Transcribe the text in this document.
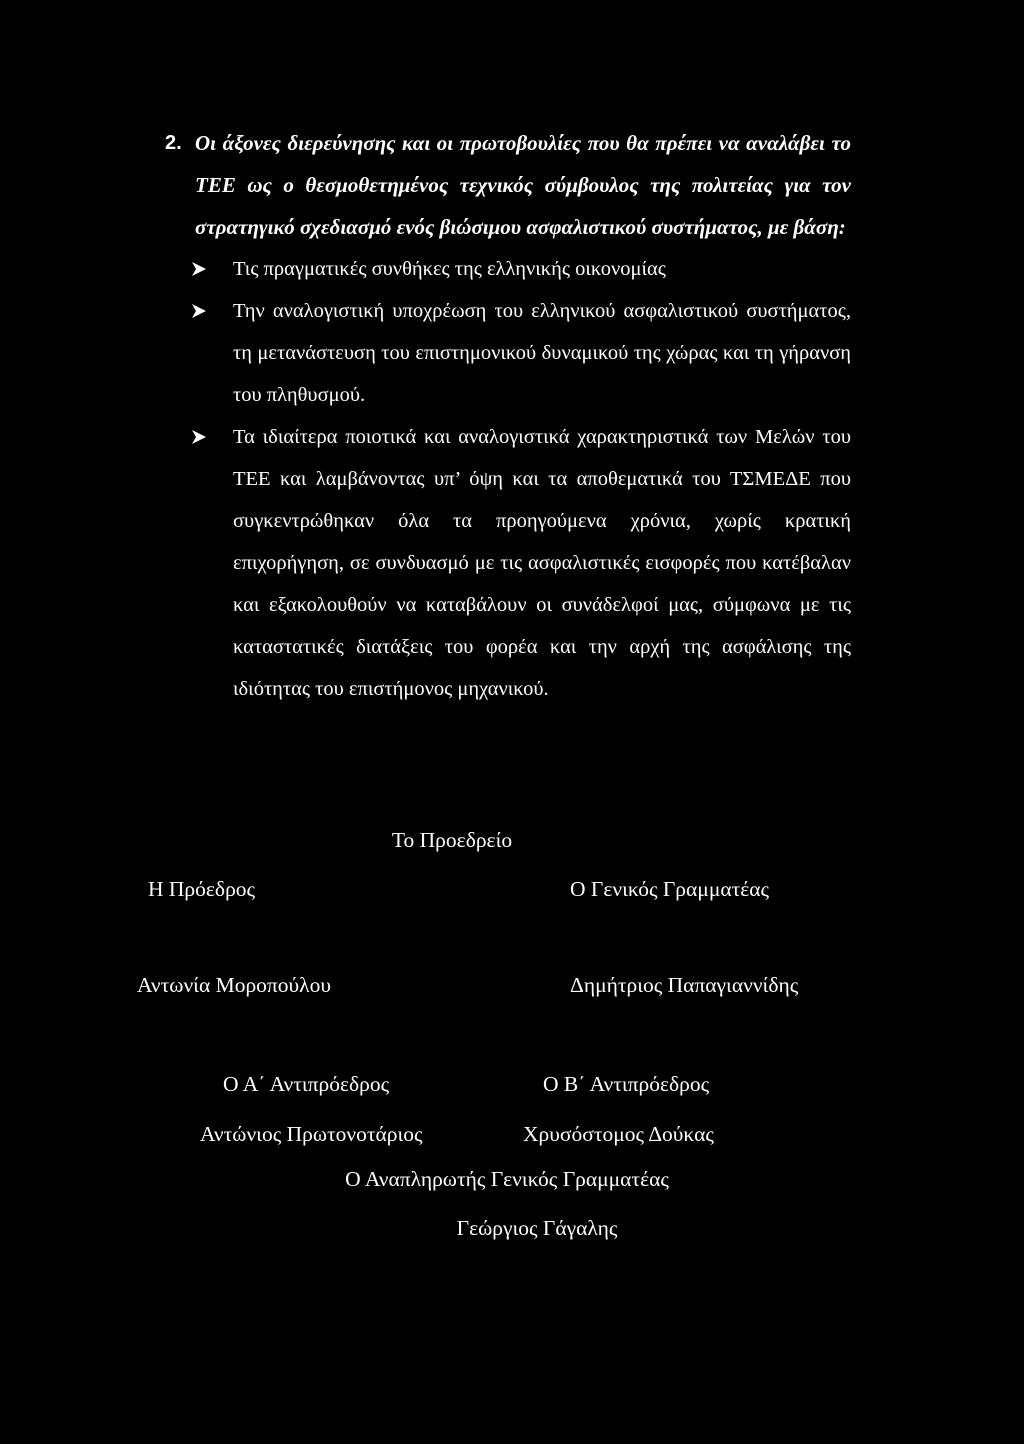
2. Οι άξονες διερεύνησης και οι πρωτοβουλίες που θα πρέπει να αναλάβει το ΤΕΕ ως ο θεσμοθετημένος τεχνικός σύμβουλος της πολιτείας για τον στρατηγικό σχεδιασμό ενός βιώσιμου ασφαλιστικού συστήματος, με βάση:

Τις πραγματικές συνθήκες της ελληνικής οικονομίας
Την αναλογιστική υποχρέωση του ελληνικού ασφαλιστικού συστήματος, τη μετανάστευση του επιστημονικού δυναμικού της χώρας και τη γήρανση του πληθυσμού.
Τα ιδιαίτερα ποιοτικά και αναλογιστικά χαρακτηριστικά των Μελών του ΤΕΕ και λαμβάνοντας υπ’ όψη και τα αποθεματικά του ΤΣΜΕΔΕ που συγκεντρώθηκαν όλα τα προηγούμενα χρόνια, χωρίς κρατική επιχορήγηση, σε συνδυασμό με τις ασφαλιστικές εισφορές που κατέβαλαν και εξακολουθούν να καταβάλουν οι συνάδελφοί μας, σύμφωνα με τις καταστατικές διατάξεις του φορέα και την αρχή της ασφάλισης της ιδιότητας του επιστήμονος μηχανικού.
Το Προεδρείο
Η Πρόεδρος	Ο Γενικός Γραμματέας
Αντωνία Μοροπούλου	Δημήτριος Παπαγιαννίδης
Ο Α΄ Αντιπρόεδρος	Ο Β΄ Αντιπρόεδρος
Αντώνιος Πρωτονοτάριος	Χρυσόστομος Δούκας
Ο Αναπληρωτής Γενικός Γραμματέας
Γεώργιος Γάγαλης
